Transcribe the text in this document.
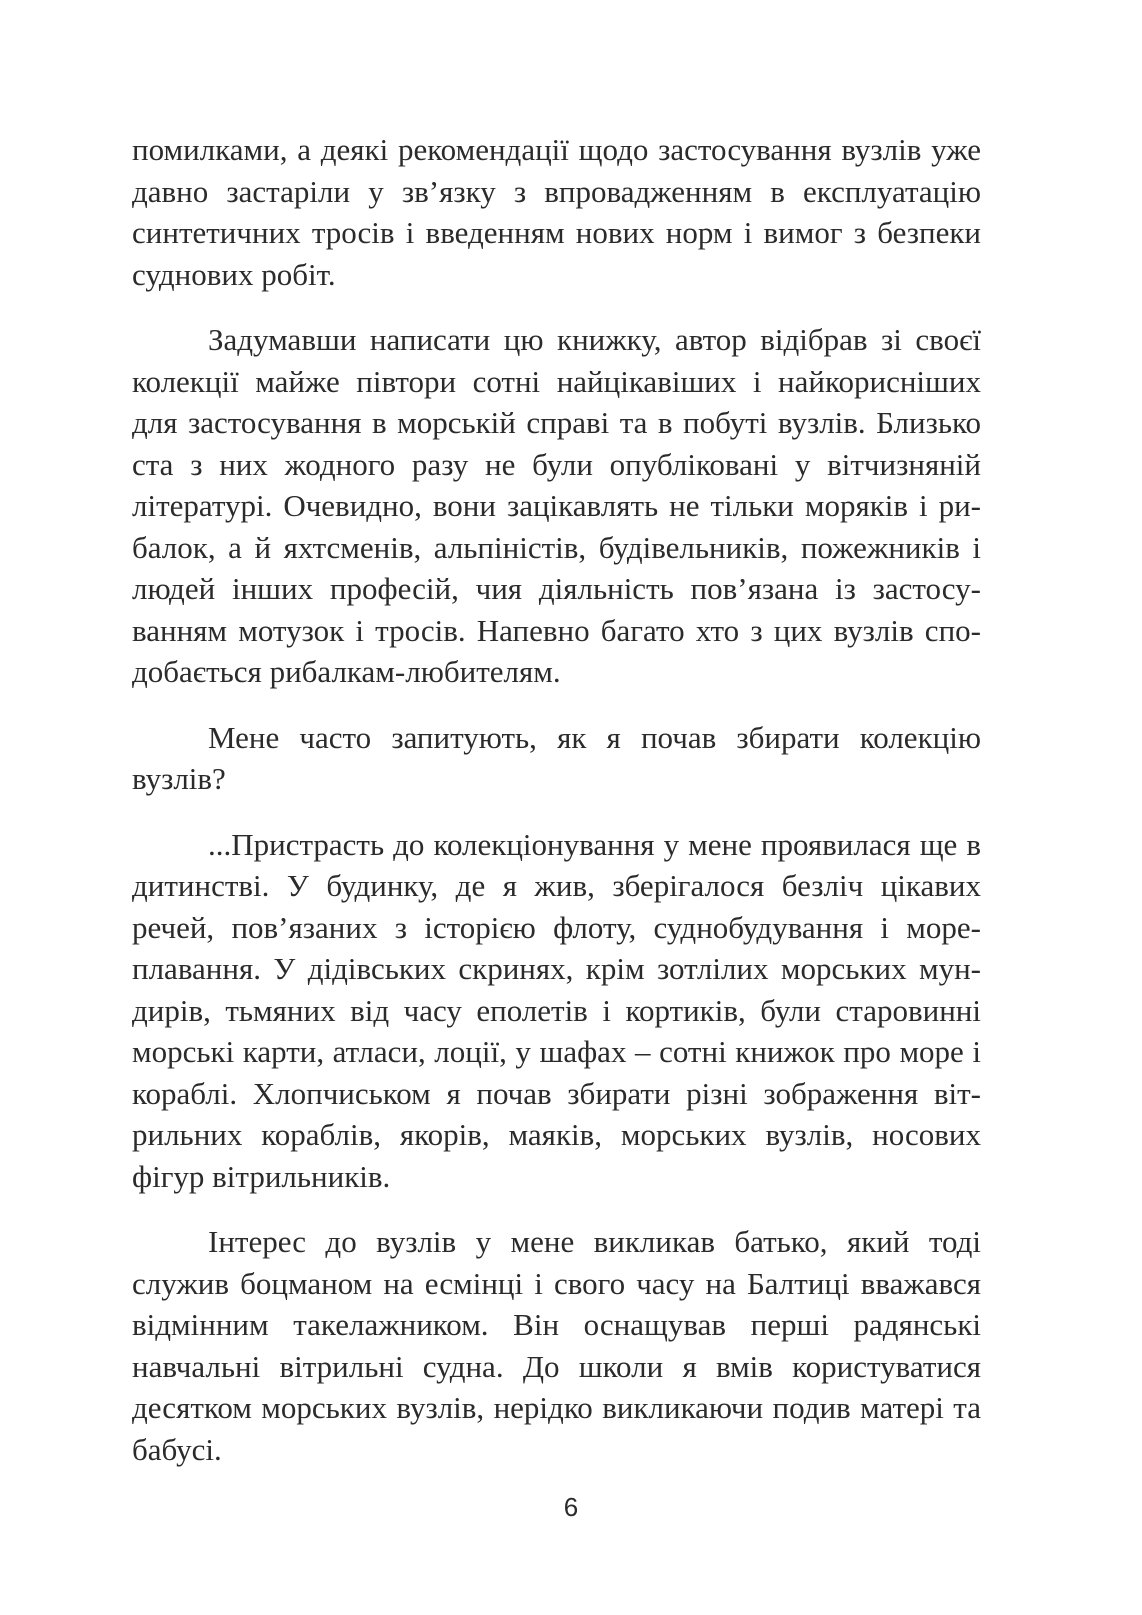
помилками, а деякі рекомендації щодо застосування вузлів уже давно застаріли у зв’язку з впровадженням в експлуатацію синтетичних тросів і введенням нових норм і вимог з безпеки суднових робіт.

Задумавши написати цю книжку, автор відібрав зі своєї колекції майже півтори сотні найцікавіших і найкорисніших для застосування в морській справі та в побуті вузлів. Близько ста з них жодного разу не були опубліковані у вітчизняній літературі. Очевидно, вони зацікавлять не тільки моряків і рибалок, а й яхтсменів, альпіністів, будівельників, пожежників і людей інших професій, чия діяльність пов’язана із застосуванням мотузок і тросів. Напевно багато хто з цих вузлів сподобається рибалкам-любителям.

Мене часто запитують, як я почав збирати колекцію вузлів?

...Пристрасть до колекціонування у мене проявилася ще в дитинстві. У будинку, де я жив, зберігалося безліч цікавих речей, пов’язаних з історією флоту, суднобудування і мореплавання. У дідівських скринях, крім зотлілих морських мундирів, тьмяних від часу еполетів і кортиків, були старовинні морські карти, атласи, лоції, у шафах – сотні книжок про море і кораблі. Хлопчиськом я почав збирати різні зображення вітрильних кораблів, якорів, маяків, морських вузлів, носових фігур вітрильників.

Інтерес до вузлів у мене викликав батько, який тоді служив боцманом на есмінці і свого часу на Балтиці вважався відмінним такелажником. Він оснащував перші радянські навчальні вітрильні судна. До школи я вмів користуватися десятком морських вузлів, нерідко викликаючи подив матері та бабусі.

6
